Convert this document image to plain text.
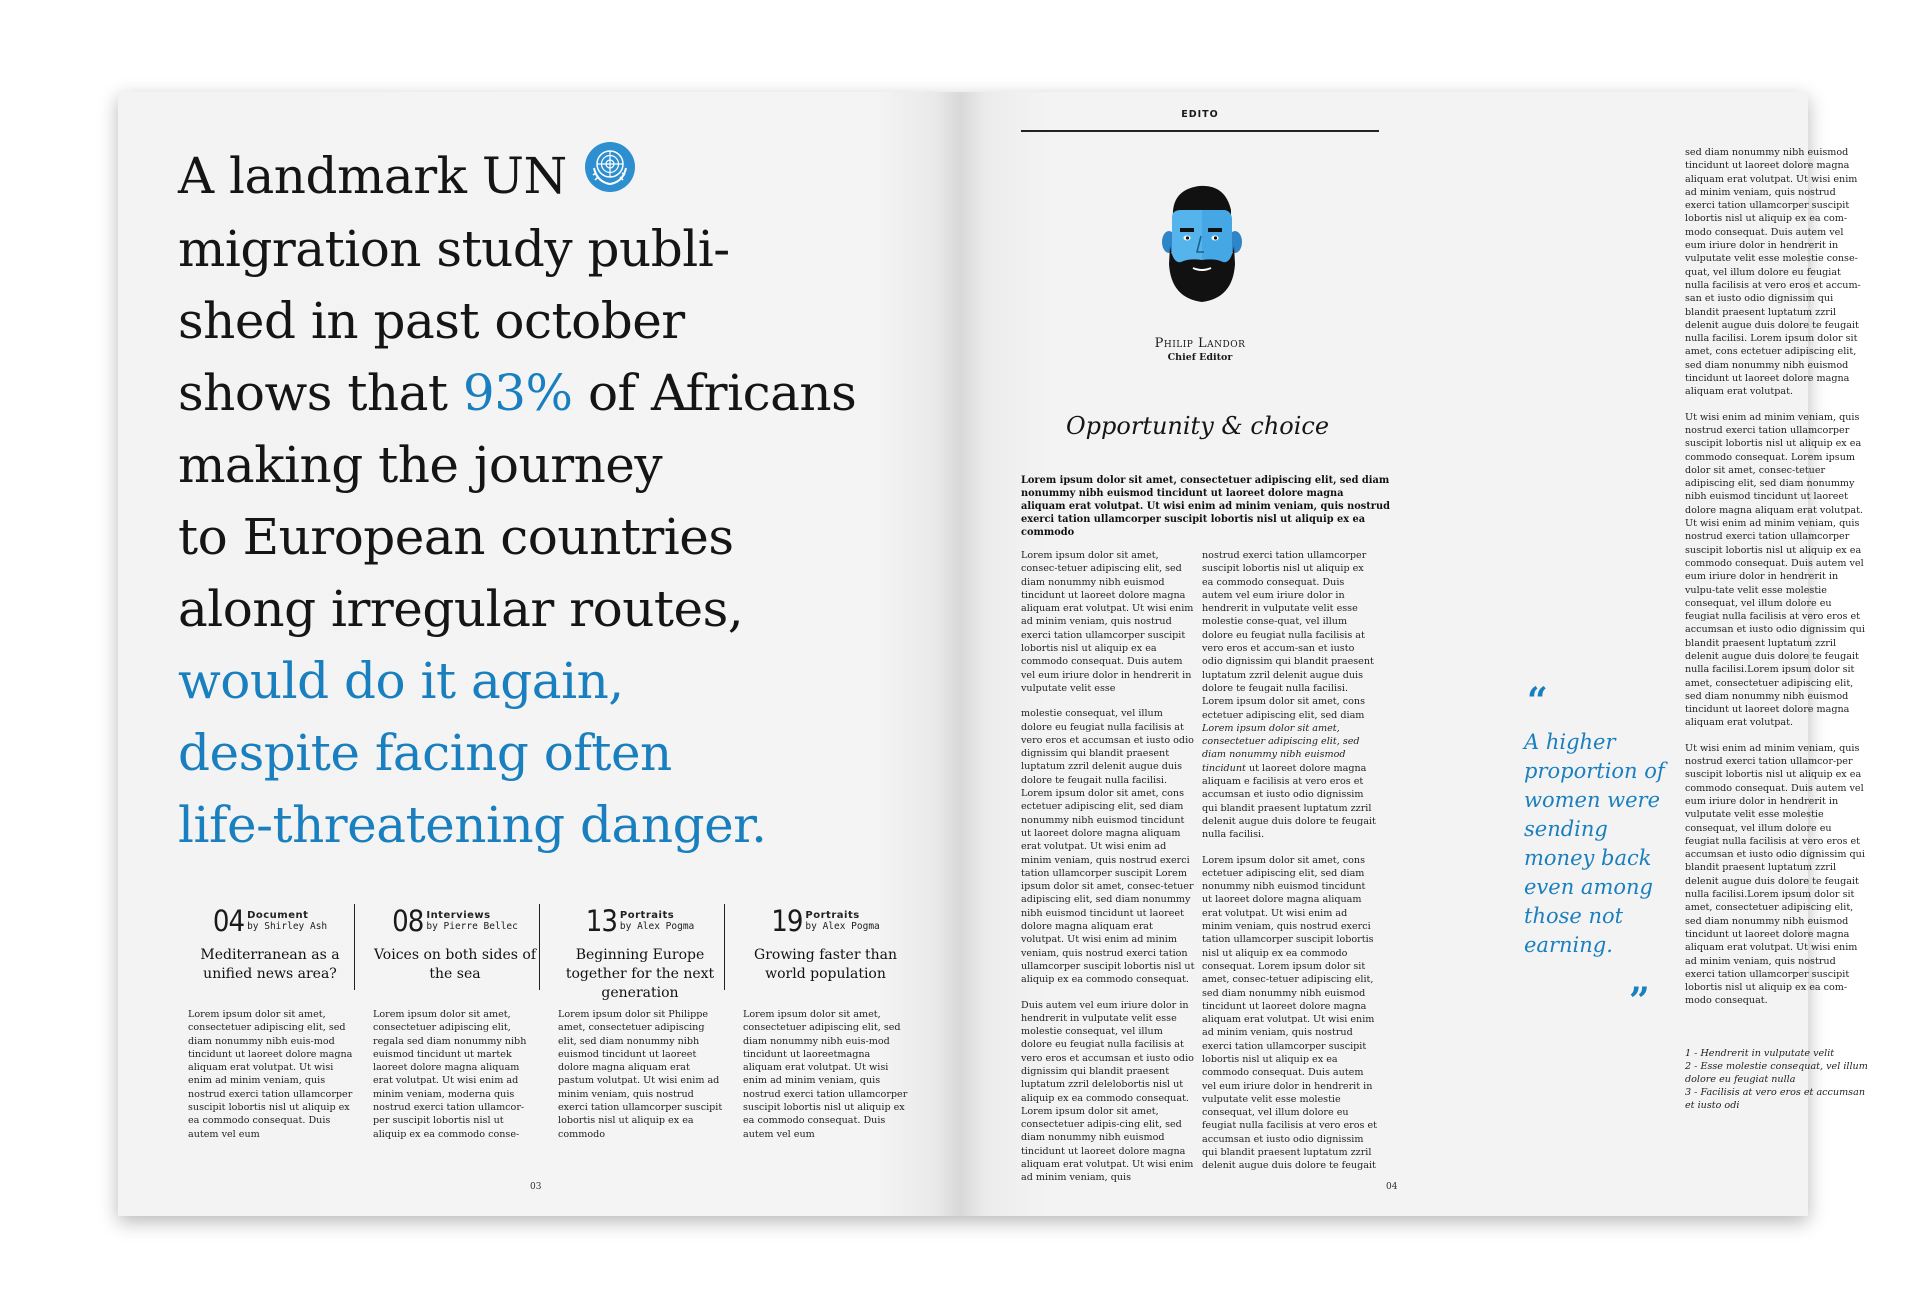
A landmark UN
migration study publi-
shed in past october
shows that 93% of Africans
making the journey
to European countries
along irregular routes,
would do it again,
despite facing often
life-threatening danger.
04 Document
by Shirley Ash
Mediterranean as a unified news area?
Lorem ipsum dolor sit amet, consectetuer adipiscing elit, sed diam nonummy nibh euis-mod tincidunt ut laoreet dolore magna aliquam erat volutpat. Ut wisi enim ad minim veniam, quis nostrud exerci tation ullamcorper suscipit lobortis nisl ut aliquip ex ea commodo consequat. Duis autem vel eum
08 Interviews
by Pierre Bellec
Voices on both sides of the sea
Lorem ipsum dolor sit amet, consectetuer adipiscing elit, regala sed diam nonummy nibh euismod tincidunt ut martek laoreet dolore magna aliquam erat volutpat. Ut wisi enim ad minim veniam, moderna quis nostrud exerci tation ullamcor-per suscipit lobortis nisl ut aliquip ex ea commodo conse-
13 Portraits
by Alex Pogma
Beginning Europe together for the next generation
Lorem ipsum dolor sit Philippe amet, consectetuer adipiscing elit, sed diam nonummy nibh euismod tincidunt ut laoreet dolore magna aliquam erat pastum volutpat. Ut wisi enim ad minim veniam, quis nostrud exerci tation ullamcorper suscipit lobortis nisl ut aliquip ex ea commodo
19 Portraits
by Alex Pogma
Growing faster than world population
Lorem ipsum dolor sit amet, consectetuer adipiscing elit, sed diam nonummy nibh euis-mod tincidunt ut laoreetmagna aliquam erat volutpat. Ut wisi enim ad minim veniam, quis nostrud exerci tation ullamcorper suscipit lobortis nisl ut aliquip ex ea commodo consequat. Duis autem vel eum
03
EDITO
Philip Landor
Chief Editor
Opportunity & choice
Lorem ipsum dolor sit amet, consectetuer adipiscing elit, sed diam nonummy nibh euismod tincidunt ut laoreet dolore magna aliquam erat volutpat. Ut wisi enim ad minim veniam, quis nostrud exerci tation ullamcorper suscipit lobortis nisl ut aliquip ex ea commodo

Lorem ipsum dolor sit amet, consec-tetuer adipiscing elit, sed diam nonummy nibh euismod tincidunt ut laoreet dolore magna aliquam erat volutpat. Ut wisi enim ad minim veniam, quis nostrud exerci tation ullamcorper suscipit lobortis nisl ut aliquip ex ea commodo consequat. Duis autem vel eum iriure dolor in hendrerit in vulputate velit esse

molestie consequat, vel illum dolore eu feugiat nulla facilisis at vero eros et accumsan et iusto odio dignissim qui blandit praesent luptatum zzril delenit augue duis dolore te feugait nulla facilisi. Lorem ipsum dolor sit amet, cons ectetuer adipiscing elit, sed diam nonummy nibh euismod tincidunt ut laoreet dolore magna aliquam erat volutpat. Ut wisi enim ad minim veniam, quis nostrud exerci tation ullamcorper suscipit Lorem ipsum dolor sit amet, consec-tetuer adipiscing elit, sed diam nonummy nibh euismod tincidunt ut laoreet dolore magna aliquam erat volutpat. Ut wisi enim ad minim veniam, quis nostrud exerci tation ullamcorper suscipit lobortis nisl ut aliquip ex ea commodo consequat.

Duis autem vel eum iriure dolor in hendrerit in vulputate velit esse molestie consequat, vel illum dolore eu feugiat nulla facilisis at vero eros et accumsan et iusto odio dignissim qui blandit praesent luptatum zzril delelobortis nisl ut aliquip ex ea commodo consequat. Lorem ipsum dolor sit amet, consectetuer adipis-cing elit, sed diam nonummy nibh euismod tincidunt ut laoreet dolore magna aliquam erat volutpat. Ut wisi enim ad minim veniam, quis

nostrud exerci tation ullamcorper suscipit lobortis nisl ut aliquip ex ea commodo consequat. Duis autem vel eum iriure dolor in hendrerit in vulputate velit esse molestie conse-quat, vel illum dolore eu feugiat nulla facilisis at vero eros et accum-san et iusto odio dignissim qui blandit praesent luptatum zzril delenit augue duis dolore te feugait nulla facilisi. Lorem ipsum dolor sit amet, cons ectetuer adipiscing elit, sed diam Lorem ipsum dolor sit amet, consectetuer adipiscing elit, sed diam nonummy nibh euismod tincidunt ut laoreet dolore magna aliquam e facilisis at vero eros et accumsan et iusto odio dignissim qui blandit praesent luptatum zzril delenit augue duis dolore te feugait nulla facilisi.

Lorem ipsum dolor sit amet, cons ectetuer adipiscing elit, sed diam nonummy nibh euismod tincidunt ut laoreet dolore magna aliquam erat volutpat. Ut wisi enim ad minim veniam, quis nostrud exerci tation ullamcorper suscipit lobortis nisl ut aliquip ex ea commodo consequat. Lorem ipsum dolor sit amet, consec-tetuer adipiscing elit, sed diam nonummy nibh euismod tincidunt ut laoreet dolore magna aliquam erat volutpat. Ut wisi enim ad minim veniam, quis nostrud exerci tation ullamcorper suscipit lobortis nisl ut aliquip ex ea commodo consequat. Duis autem vel eum iriure dolor in hendrerit in vulputate velit esse molestie consequat, vel illum dolore eu feugiat nulla facilisis at vero eros et accumsan et iusto odio dignissim qui blandit praesent luptatum zzril delenit augue duis dolore te feugait

“
A higher proportion of women were sending money back even among those not earning.
”

sed diam nonummy nibh euismod tincidunt ut laoreet dolore magna aliquam erat volutpat. Ut wisi enim ad minim veniam, quis nostrud exerci tation ullamcorper suscipit lobortis nisl ut aliquip ex ea com-modo consequat. Duis autem vel eum iriure dolor in hendrerit in vulputate velit esse molestie conse-quat, vel illum dolore eu feugiat nulla facilisis at vero eros et accum-san et iusto odio dignissim qui blandit praesent luptatum zzril delenit augue duis dolore te feugait nulla facilisi. Lorem ipsum dolor sit amet, cons ectetuer adipiscing elit, sed diam nonummy nibh euismod tincidunt ut laoreet dolore magna aliquam erat volutpat.

Ut wisi enim ad minim veniam, quis nostrud exerci tation ullamcorper suscipit lobortis nisl ut aliquip ex ea commodo consequat. Lorem ipsum dolor sit amet, consec-tetuer adipiscing elit, sed diam nonummy nibh euismod tincidunt ut laoreet dolore magna aliquam erat volutpat. Ut wisi enim ad minim veniam, quis nostrud exerci tation ullamcorper suscipit lobortis nisl ut aliquip ex ea commodo consequat. Duis autem vel eum iriure dolor in hendrerit in vulpu-tate velit esse molestie consequat, vel illum dolore eu feugiat nulla facilisis at vero eros et accumsan et iusto odio dignissim qui blandit praesent luptatum zzril delenit augue duis dolore te feugait nulla facilisi.Lorem ipsum dolor sit amet, consectetuer adipiscing elit, sed diam nonummy nibh euismod tincidunt ut laoreet dolore magna aliquam erat volutpat.

Ut wisi enim ad minim veniam, quis nostrud exerci tation ullamcor-per suscipit lobortis nisl ut aliquip ex ea commodo consequat. Duis autem vel eum iriure dolor in hendrerit in vulputate velit esse molestie consequat, vel illum dolore eu feugiat nulla facilisis at vero eros et accumsan et iusto odio dignissim qui blandit praesent luptatum zzril delenit augue duis dolore te feugait nulla facilisi.Lorem ipsum dolor sit amet, consectetuer adipiscing elit, sed diam nonummy nibh euismod tincidunt ut laoreet dolore magna aliquam erat volutpat. Ut wisi enim ad minim veniam, quis nostrud exerci tation ullamcorper suscipit lobortis nisl ut aliquip ex ea com-modo consequat.

1 - Hendrerit in vulputate velit
2 - Esse molestie consequat, vel illum dolore eu feugiat nulla
3 - Facilisis at vero eros et accumsan et iusto odi
04
